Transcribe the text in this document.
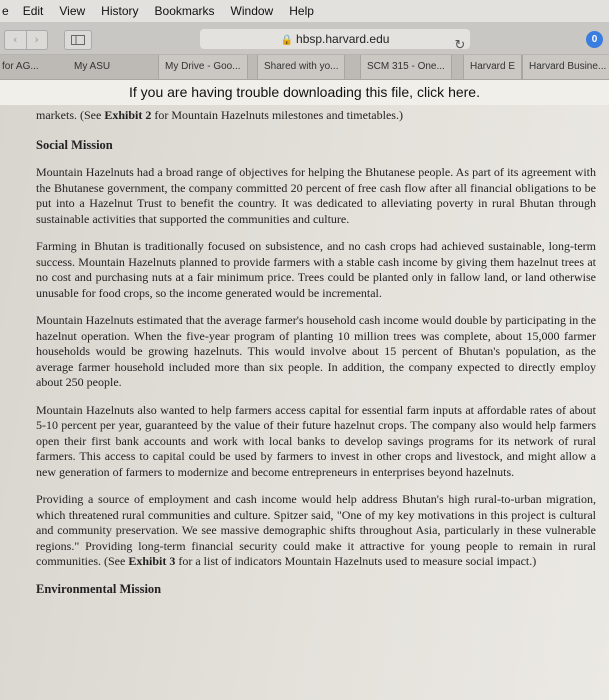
e Edit View History Bookmarks Window Help
‹	›	🔒 hbsp.harvard.edu	↻	0
for AG...	My ASU	My Drive - Goo...	Shared with yo...	SCM 315 - One...	Harvard E	Harvard Busine...
If you are having trouble downloading this file, click here.

markets. (See Exhibit 2 for Mountain Hazelnuts milestones and timetables.)

Social Mission

Mountain Hazelnuts had a broad range of objectives for helping the Bhutanese people. As part of its agreement with the Bhutanese government, the company committed 20 percent of free cash flow after all financial obligations to be put into a Hazelnut Trust to benefit the country. It was dedicated to alleviating poverty in rural Bhutan through sustainable activities that supported the communities and culture.

Farming in Bhutan is traditionally focused on subsistence, and no cash crops had achieved sustainable, long-term success. Mountain Hazelnuts planned to provide farmers with a stable cash income by giving them hazelnut trees at no cost and purchasing nuts at a fair minimum price. Trees could be planted only in fallow land, or land otherwise unusable for food crops, so the income generated would be incremental.

Mountain Hazelnuts estimated that the average farmer's household cash income would double by participating in the hazelnut operation. When the five-year program of planting 10 million trees was complete, about 15,000 farmer households would be growing hazelnuts. This would involve about 15 percent of Bhutan's population, as the average farmer household included more than six people. In addition, the company expected to directly employ about 250 people.

Mountain Hazelnuts also wanted to help farmers access capital for essential farm inputs at affordable rates of about 5-10 percent per year, guaranteed by the value of their future hazelnut crops. The company also would help farmers open their first bank accounts and work with local banks to develop savings programs for its network of rural farmers. This access to capital could be used by farmers to invest in other crops and livestock, and might allow a new generation of farmers to modernize and become entrepreneurs in enterprises beyond hazelnuts.

Providing a source of employment and cash income would help address Bhutan's high rural-to-urban migration, which threatened rural communities and culture. Spitzer said, "One of my key motivations in this project is cultural and community preservation. We see massive demographic shifts throughout Asia, particularly in these vulnerable regions." Providing long-term financial security could make it attractive for young people to remain in rural communities. (See Exhibit 3 for a list of indicators Mountain Hazelnuts used to measure social impact.)

Environmental Mission
